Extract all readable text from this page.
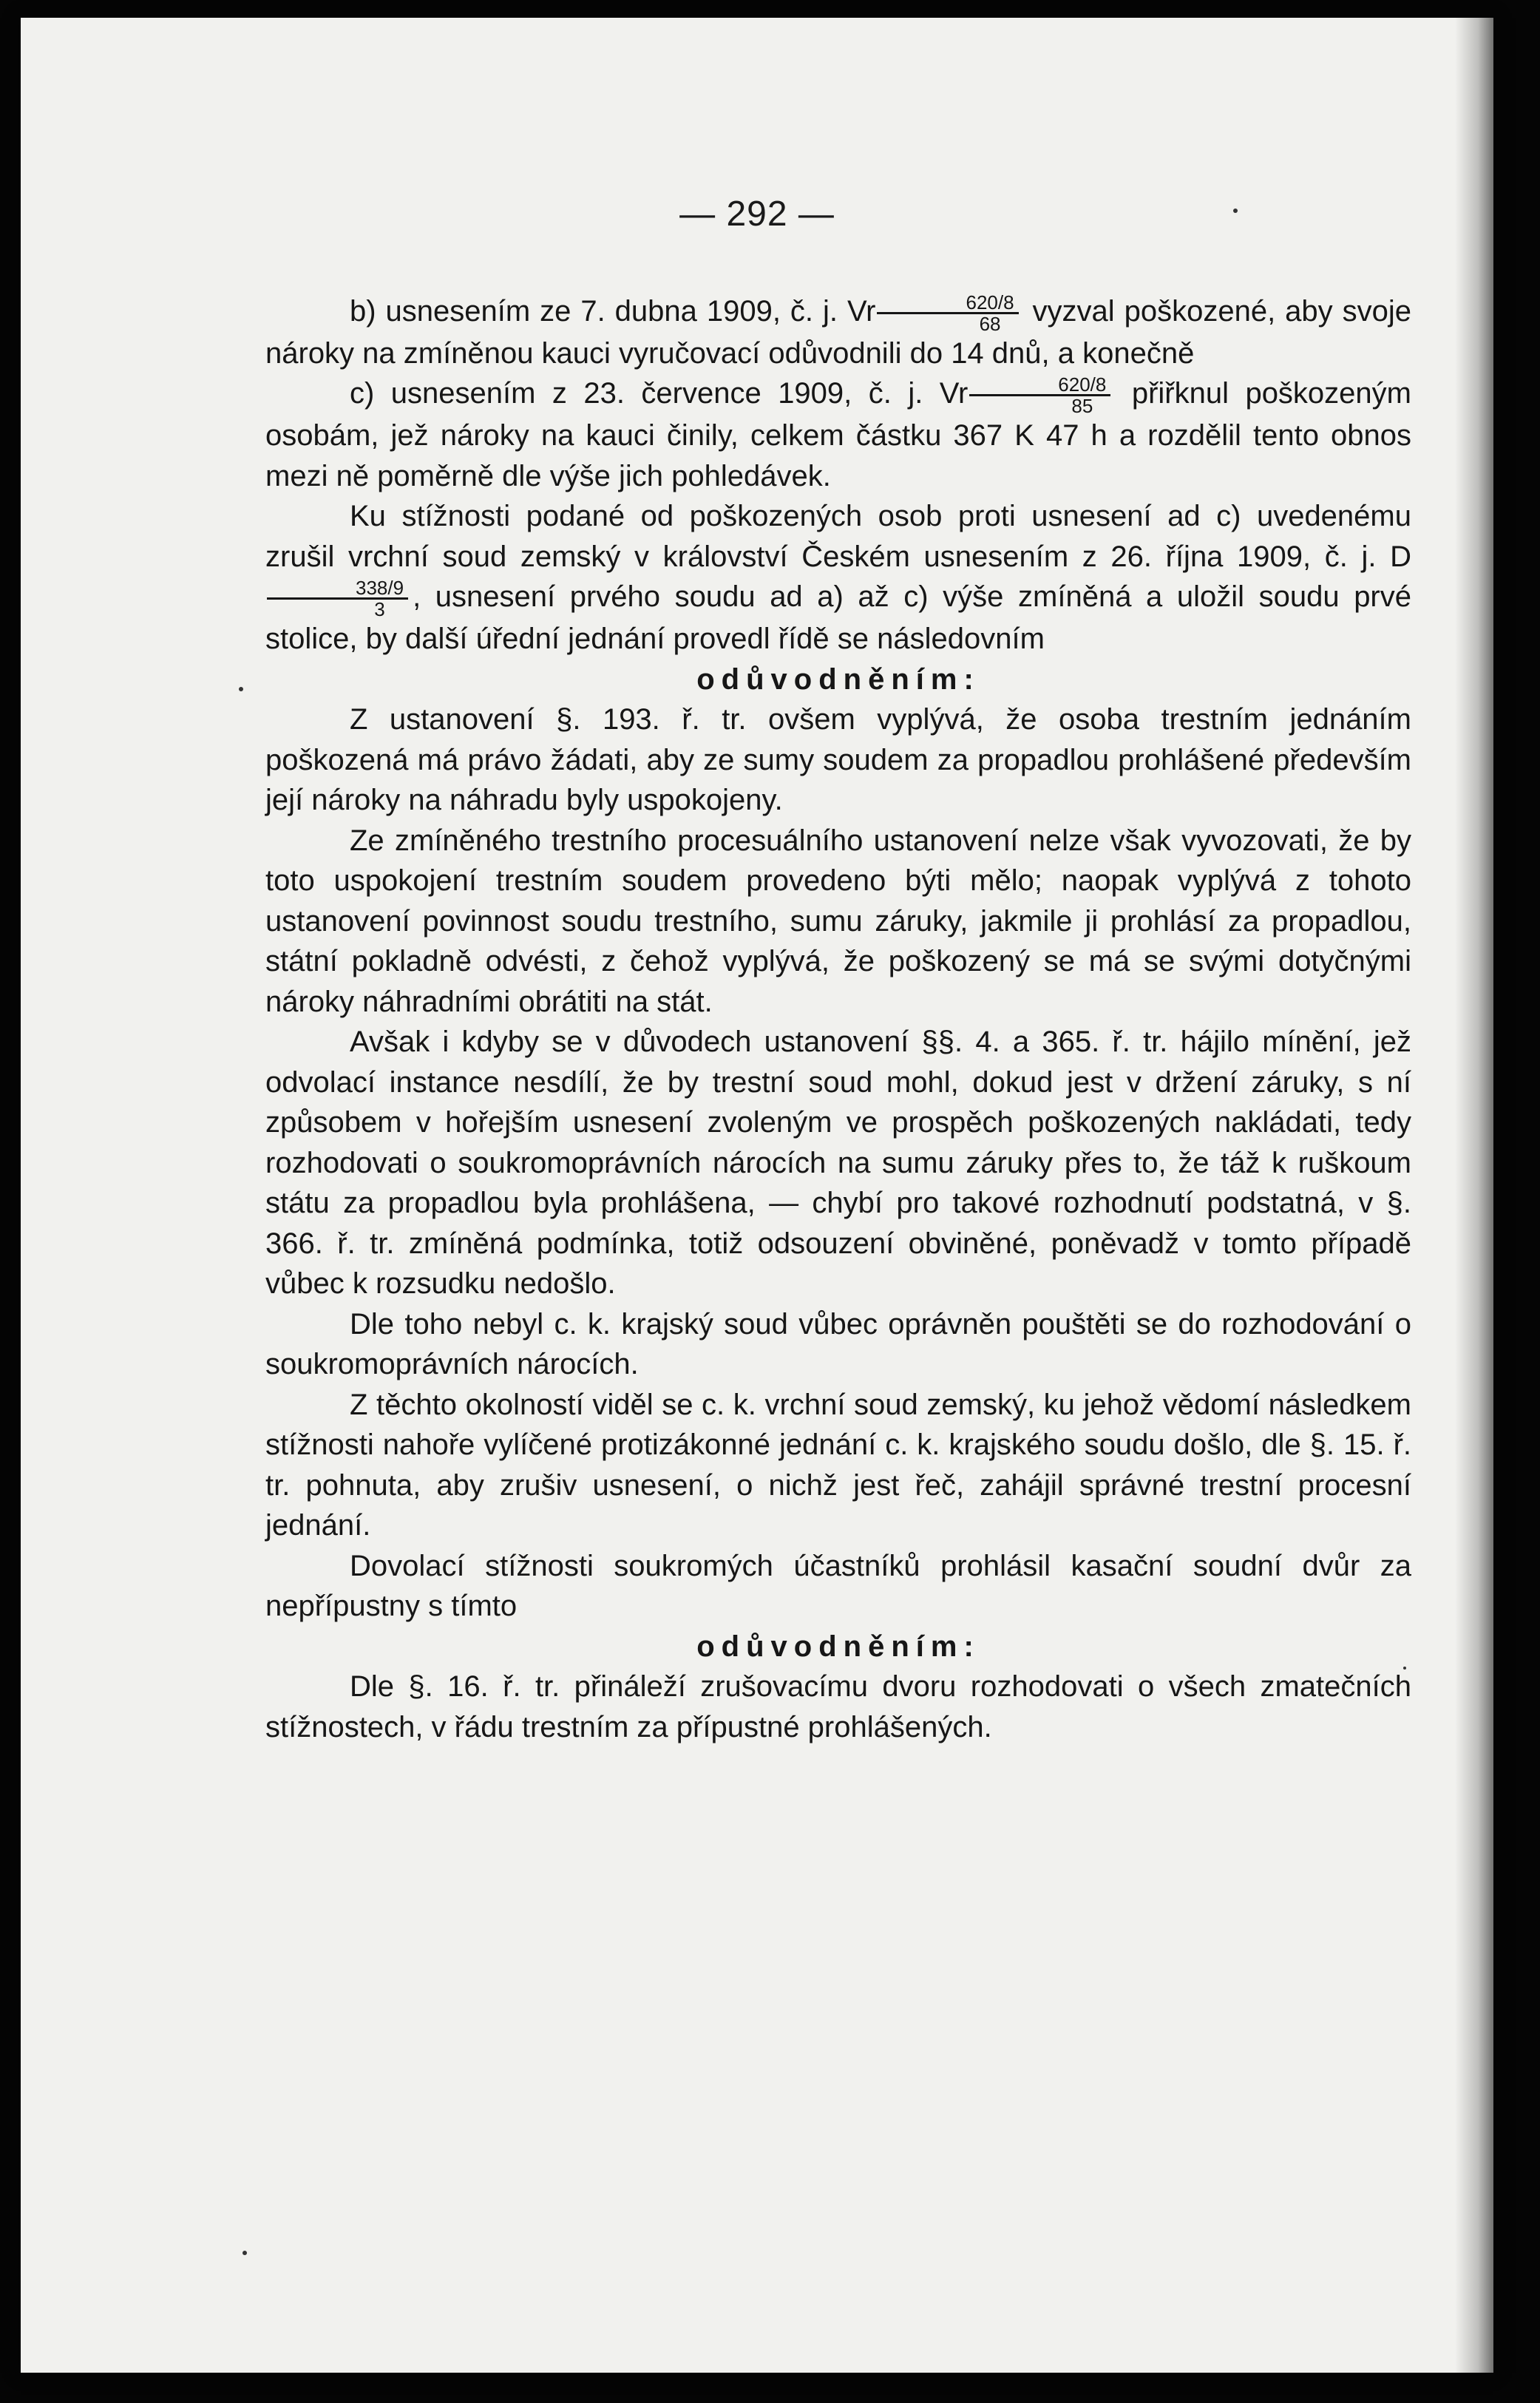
— 292 —

b) usnesením ze 7. dubna 1909, č. j. Vr $\frac{620/8}{68}$ vyzval poškozené, aby svoje nároky na zmíněnou kauci vyručovací odůvodnili do 14 dnů, a konečně

c) usnesením z 23. července 1909, č. j. Vr $\frac{620/8}{85}$ přiřknul poškozeným osobám, jež nároky na kauci činily, celkem částku 367 K 47 h a rozdělil tento obnos mezi ně poměrně dle výše jich pohledávek.

Ku stížnosti podané od poškozených osob proti usnesení ad c) uvedenému zrušil vrchní soud zemský v království Českém usnesením z 26. října 1909, č. j. D
$\frac{338/9}{3}$ , usnesení prvého soudu ad a) až c) výše zmíněná a uložil soudu prvé stolice, by další úřední jednání provedl řídě se následovním

odůvodněním:

Z ustanovení §. 193. ř. tr. ovšem vyplývá, že osoba trestním jednáním poškozená má právo žádati, aby ze sumy soudem za propadlou prohlášené především její nároky na náhradu byly uspokojeny.

Ze zmíněného trestního procesuálního ustanovení nelze však vyvozovati, že by toto uspokojení trestním soudem provedeno býti mělo; naopak vyplývá z tohoto ustanovení povinnost soudu trestního, sumu záruky, jakmile ji prohlásí za propadlou, státní pokladně odvésti, z čehož vyplývá, že poškozený se má se svými dotyčnými nároky náhradními obrátiti na stát.

Avšak i kdyby se v důvodech ustanovení §§. 4. a 365. ř. tr. hájilo mínění, jež odvolací instance nesdílí, že by trestní soud mohl, dokud jest v držení záruky, s ní způsobem v hořejším usnesení zvoleným ve prospěch poškozených nakládati, tedy rozhodovati o soukromoprávních nárocích na sumu záruky přes to, že táž k ruškoum státu za propadlou byla prohlášena, — chybí pro takové rozhodnutí podstatná, v §. 366. ř. tr. zmíněná podmínka, totiž odsouzení obviněné, poněvadž v tomto případě vůbec k rozsudku nedošlo.

Dle toho nebyl c. k. krajský soud vůbec oprávněn pouštěti se do rozhodování o soukromoprávních nárocích.

Z těchto okolností viděl se c. k. vrchní soud zemský, ku jehož vědomí následkem stížnosti nahoře vylíčené protizákonné jednání c. k. krajského soudu došlo, dle §. 15. ř. tr. pohnuta, aby zrušiv usnesení, o nichž jest řeč, zahájil správné trestní procesní jednání.

Dovolací stížnosti soukromých účastníků prohlásil kasační soudní dvůr za nepřípustny s tímto

odůvodněním:

Dle §. 16. ř. tr. přináleží zrušovacímu dvoru rozhodovati o všech zmatečních stížnostech, v řádu trestním za přípustné prohlášených.
